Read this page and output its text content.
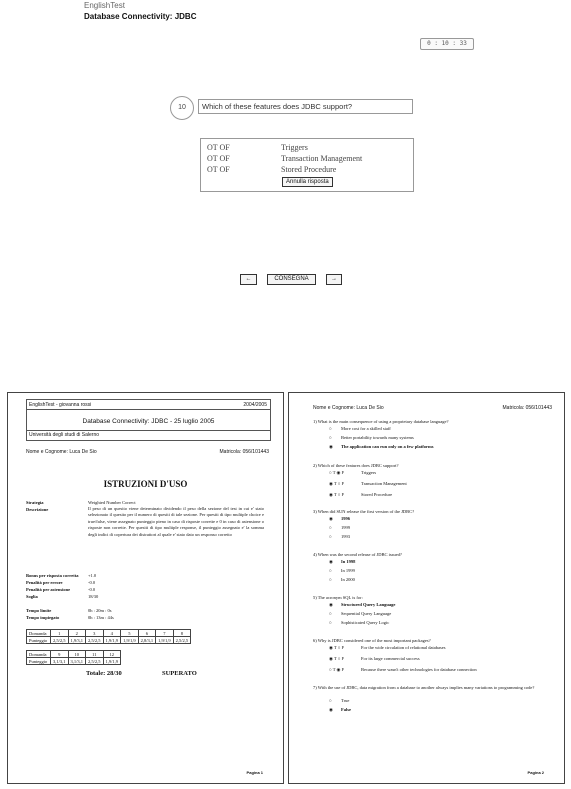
EnglishTest
Database Connectivity: JDBC
0 : 10 : 33
10	Which of these features does JDBC support?
OT OF	Triggers
OT OF	Transaction Management
OT OF	Stored Procedure
Annulla risposta
←	CONSEGNA	→
EnglishTest - giovanna rossi	2004/2005
Database Connectivity: JDBC - 25 luglio 2005
Università degli studi di Salerno
Nome e Cognome: Luca De Sio	Matricola: 056/101443
ISTRUZIONI D'USO
Strategia	Weighted Number Correct
Descrizione	Il peso di un quesito viene determinato dividendo il peso della sezione del test in cui e' stato selezionato il quesito per il numero di quesiti di tale sezione. Per quesiti di tipo multiple choice e true/false, viene assegnato punteggio pieno in caso di risposte corrette e 0 in caso di astensione o risposte non corrette. Per quesiti di tipo multiple response, il punteggio assegnato e' la somma degli indici di copertura dei distrattori al quale e' stato dato un responso corretto
Bonus per risposta corretta +1.0
Penalità per errore	-0.0
Penalità per astensione	-0.0
Soglia	18/30
Tempo limite	0h : 20m : 0s
Tempo impiegato	0h : 13m : 44s
Domanda	1	2	3	4	5	6	7	8
Punteggio	2,5/2,5	1,9/3,1	2,5/2,5	1,9/1,9	1,9/1,9	2,8/3,1	1,9/1,9	2,5/2,5
Domanda	9	10	11	12
Punteggio	3,1/3,1	3,1/3,1	2,5/2,5	1,9/1,9
Totale: 28/30	SUPERATO
Pagina 1
Nome e Cognome: Luca De Sio	Matricola: 056/101443
1) What is the main consequence of using a proprietary database language?
○ More cost for a skilled staff
○ Better portability towards many systems
◉ The application can run only on a few platforms
2) Which of these features does JDBC support?
○ T ◉ F	Triggers
◉ T ○ F	Transaction Management
◉ T ○ F	Stored Procedure
3) When did SUN release the first version of the JDBC?
◉ 1996
○ 1999
○ 1993
4) When was the second release of JDBC issued?
◉ In 1998
○ In 1999
○ In 2000
5) The acronym SQL is for:
◉ Structured Query Language
○ Sequential Query Language
○ Sophisticated Query Logic
6) Why is JDBC considered one of the most important packages?
◉ T ○ F	For the wide circulation of relational databases
◉ T ○ F	For its large commercial success
○ T ◉ F	Because there wasn't other technologies for database connection
7) With the use of JDBC, data migration from a database to another always implies many variations to programming code?
○ True
◉ False
Pagina 2
